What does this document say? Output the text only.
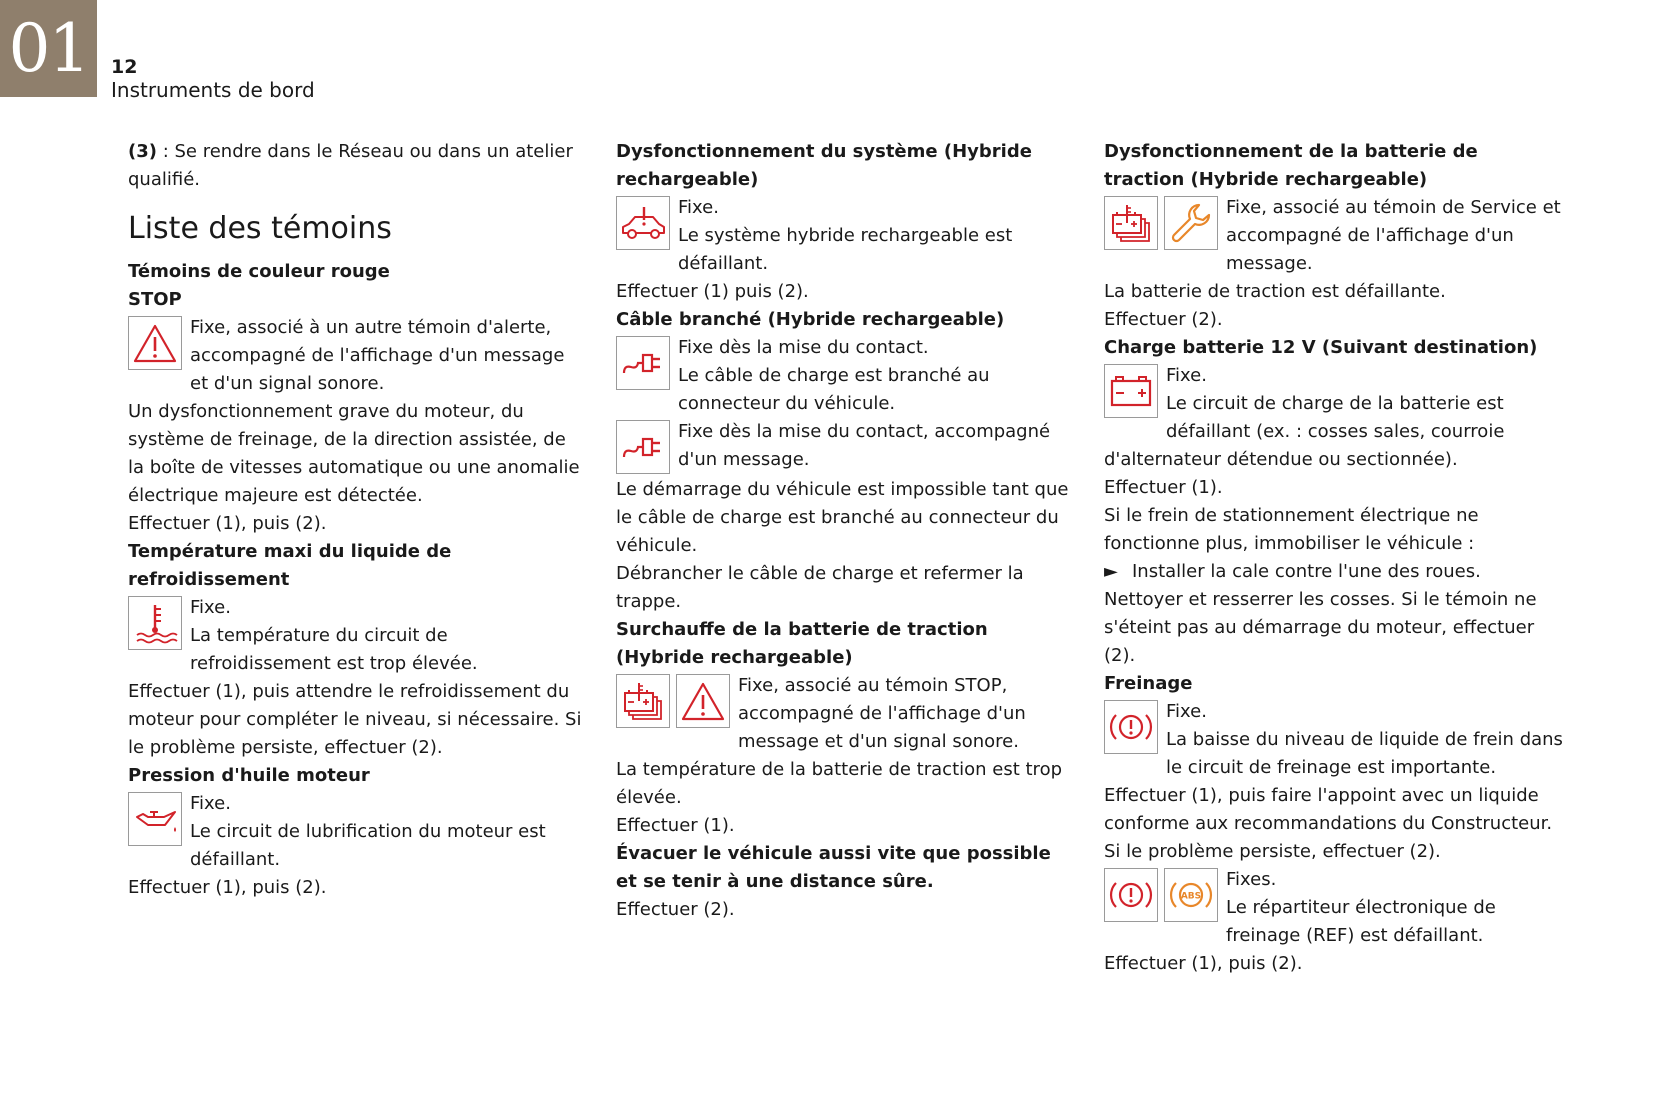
01	12
Instruments de bord

(3) : Se rendre dans le Réseau ou dans un atelier qualifié.

Liste des témoins

Témoins de couleur rouge

STOP

Fixe, associé à un autre témoin d'alerte, accompagné de l'affichage d'un message et d'un signal sonore.

Un dysfonctionnement grave du moteur, du système de freinage, de la direction assistée, de la boîte de vitesses automatique ou une anomalie électrique majeure est détectée.

Effectuer (1), puis (2).

Température maxi du liquide de refroidissement

Fixe.
La température du circuit de refroidissement est trop élevée.

Effectuer (1), puis attendre le refroidissement du moteur pour compléter le niveau, si nécessaire. Si le problème persiste, effectuer (2).

Pression d'huile moteur

Fixe.
Le circuit de lubrification du moteur est défaillant.

Effectuer (1), puis (2).

Dysfonctionnement du système (Hybride rechargeable)

Fixe.
Le système hybride rechargeable est défaillant.

Effectuer (1) puis (2).

Câble branché (Hybride rechargeable)

Fixe dès la mise du contact.
Le câble de charge est branché au connecteur du véhicule.
Fixe dès la mise du contact, accompagné d'un message.

Le démarrage du véhicule est impossible tant que le câble de charge est branché au connecteur du véhicule.

Débrancher le câble de charge et refermer la trappe.

Surchauffe de la batterie de traction (Hybride rechargeable)

Fixe, associé au témoin STOP, accompagné de l'affichage d'un message et d'un signal sonore.

La température de la batterie de traction est trop élevée.

Effectuer (1).

Évacuer le véhicule aussi vite que possible et se tenir à une distance sûre.

Effectuer (2).

Dysfonctionnement de la batterie de traction (Hybride rechargeable)

Fixe, associé au témoin de Service et accompagné de l'affichage d'un message.

La batterie de traction est défaillante.

Effectuer (2).

Charge batterie 12 V (Suivant destination)

Fixe.
Le circuit de charge de la batterie est défaillant (ex. : cosses sales, courroie d'alternateur détendue ou sectionnée).

Effectuer (1).

Si le frein de stationnement électrique ne fonctionne plus, immobiliser le véhicule :

► Installer la cale contre l'une des roues.

Nettoyer et resserrer les cosses. Si le témoin ne s'éteint pas au démarrage du moteur, effectuer (2).

Freinage

Fixe.
La baisse du niveau de liquide de frein dans le circuit de freinage est importante.

Effectuer (1), puis faire l'appoint avec un liquide conforme aux recommandations du Constructeur.

Si le problème persiste, effectuer (2).

ABS
Fixes.
Le répartiteur électronique de freinage (REF) est défaillant.

Effectuer (1), puis (2).
